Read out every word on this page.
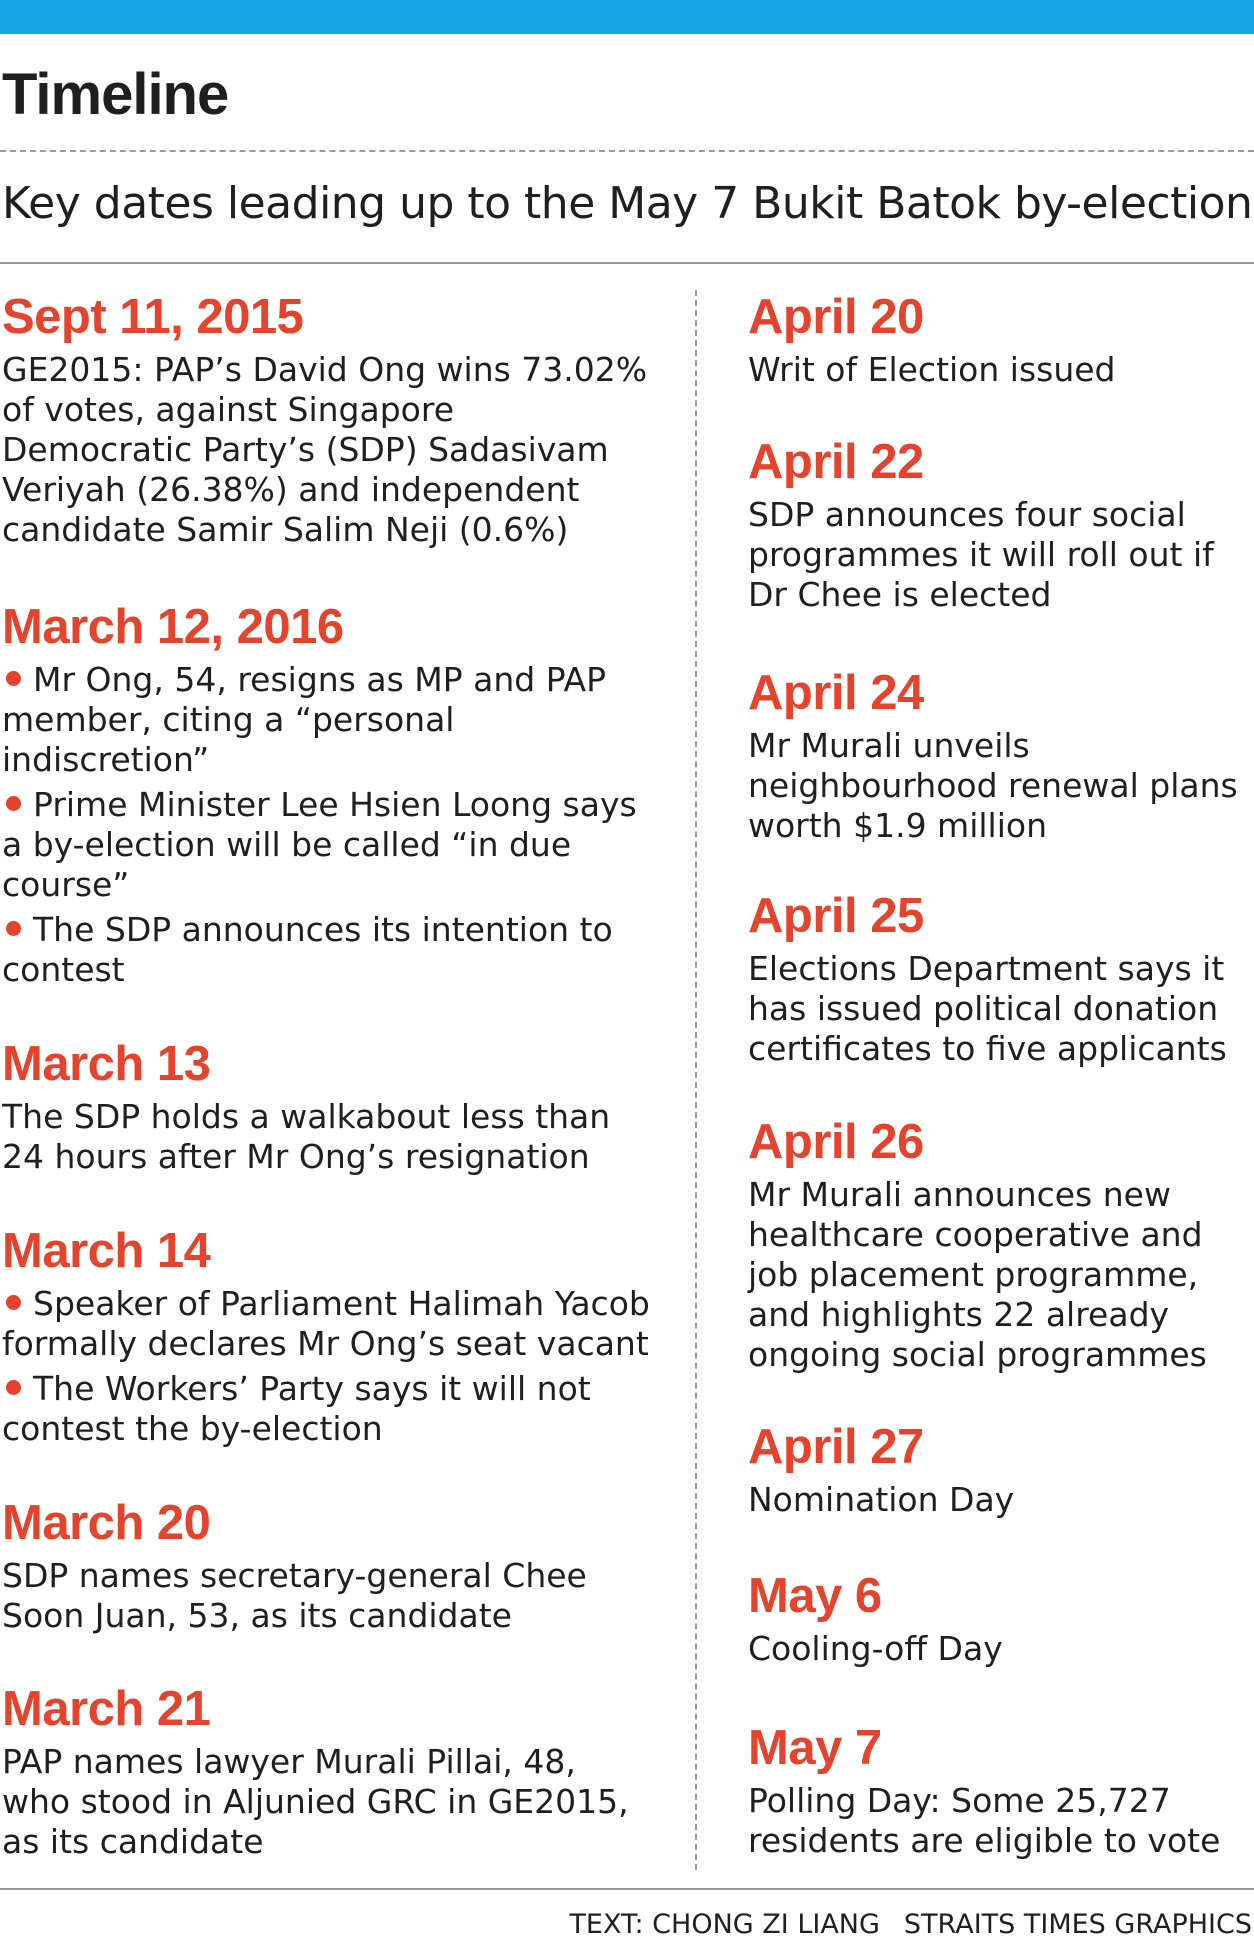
Timeline
Key dates leading up to the May 7 Bukit Batok by-election
Sept 11, 2015
GE2015: PAP’s David Ong wins 73.02% of votes, against Singapore Democratic Party’s (SDP) Sadasivam Veriyah (26.38%) and independent candidate Samir Salim Neji (0.6%)
March 12, 2016
Mr Ong, 54, resigns as MP and PAP member, citing a “personal indiscretion”
Prime Minister Lee Hsien Loong says a by-election will be called “in due course”
The SDP announces its intention to contest
March 13
The SDP holds a walkabout less than 24 hours after Mr Ong’s resignation
March 14
Speaker of Parliament Halimah Yacob formally declares Mr Ong’s seat vacant
The Workers’ Party says it will not contest the by-election
March 20
SDP names secretary-general Chee Soon Juan, 53, as its candidate
March 21
PAP names lawyer Murali Pillai, 48, who stood in Aljunied GRC in GE2015, as its candidate
April 20
Writ of Election issued
April 22
SDP announces four social programmes it will roll out if Dr Chee is elected
April 24
Mr Murali unveils neighbourhood renewal plans worth $1.9 million
April 25
Elections Department says it has issued political donation certificates to five applicants
April 26
Mr Murali announces new healthcare cooperative and job placement programme, and highlights 22 already ongoing social programmes
April 27
Nomination Day
May 6
Cooling-off Day
May 7
Polling Day: Some 25,727 residents are eligible to vote
TEXT: CHONG ZI LIANG STRAITS TIMES GRAPHICS
